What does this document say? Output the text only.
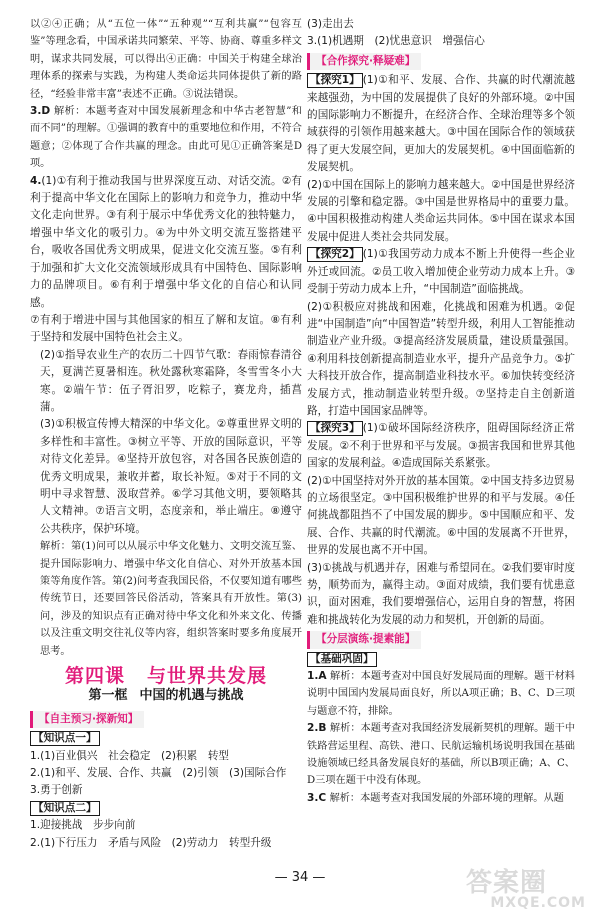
以②④正确；从“五位一体”“五种观”“互利共赢”“包容互鉴”等理念看，中国承诺共同繁荣、平等、协商、尊重多样文明，谋求共同发展，可以得出④正确：中国关于构建全球治理体系的探索与实践，为构建人类命运共同体提供了新的路径，“经验非常丰富”表述不正确。③说法错误。

3.D 解析：本题考查对中国发展新理念和中华古老智慧”和而不同”的理解。①强调的教育中的重要地位和作用，不符合题意；②体现了合作共赢的理念。由此可见①正确答案是D项。

4.(1)①有利于推动我国与世界深度互动、对话交流。②有利于提高中华文化在国际上的影响力和竞争力，推动中华文化走向世界。③有利于展示中华优秀文化的独特魅力，增强中华文化的吸引力。④为中外文明交流互鉴搭建平台，吸收各国优秀文明成果，促进文化交流互鉴。⑤有利于加强和扩大文化交流领域形成具有中国特色、国际影响力的品牌项目。⑥有利于增强中华文化的自信心和认同感。

⑦有利于增进中国与其他国家的相互了解和友谊。⑧有利于坚持和发展中国特色社会主义。

(2)①指导农业生产的农历二十四节气歌：春雨惊春清谷天，夏满芒夏暑相连。秋处露秋寒霜降，冬雪雪冬小大寒。②端午节：伍子胥汨罗，吃粽子，赛龙舟，插菖蒲。

(3)①积极宣传博大精深的中华文化。②尊重世界文明的多样性和丰富性。③树立平等、开放的国际意识，平等对待文化差异。④坚持开放包容，对各国各民族创造的优秀文明成果，兼收并蓄，取长补短。⑤对于不同的文明中寻求智慧、汲取营养。⑥学习其他文明，要领略其人文精神。⑦语言文明，态度亲和，举止端庄。⑧遵守公共秩序，保护环境。

解析：第(1)问可以从展示中华文化魅力、文明交流互鉴、提升国际影响力、增强中华文化自信心、对外开放基本国策等角度作答。第(2)问考查我国民俗，不仅要知道有哪些传统节日，还要回答民俗活动，答案具有开放性。第(3)问，涉及的知识点有正确对待中华文化和外来文化、传播以及注重文明交往礼仪等内容，组织答案时要多角度展开思考。

第四课 与世界共发展
第一框 中国的机遇与挑战
【自主预习·探新知】
【知识点一】

1.(1)百业俱兴　社会稳定　(2)积累　转型

2.(1)和平、发展、合作、共赢　(2)引领　(3)国际合作

3.勇于创新

【知识点二】

1.迎接挑战　步步向前

2.(1)下行压力　矛盾与风险　(2)劳动力　转型升级

(3)走出去

3.(1)机遇期　(2)忧患意识　增强信心

【合作探究·释疑难】

【探究1】 (1)①和平、发展、合作、共赢的时代潮流越来越强劲，为中国的发展提供了良好的外部环境。②中国的国际影响力不断提升，在经济合作、全球治理等多个领域获得的引领作用越来越大。③中国在国际合作的领域获得了更大发展空间，更加大的发展契机。④中国面临新的发展契机。

(2)①中国在国际上的影响力越来越大。②中国是世界经济发展的引擎和稳定器。③中国是世界格局中的重要力量。④中国积极推动构建人类命运共同体。⑤中国在谋求本国发展中促进人类社会共同发展。

【探究2】 (1)①我国劳动力成本不断上升使得一些企业外迁或回流。②员工收入增加使企业劳动力成本上升。③受制于劳动力成本上升，“中国制造”面临挑战。

(2)①积极应对挑战和困难，化挑战和困难为机遇。②促进“中国制造”向“中国智造”转型升级，利用人工智能推动制造业产业升级。③提高经济发展质量，建设质量强国。④利用科技创新提高制造业水平，提升产品竞争力。⑤扩大科技开放合作，提高制造业科技水平。⑥加快转变经济发展方式，推动制造业转型升级。⑦坚持走自主创新道路，打造中国国家品牌等。

【探究3】 (1)①破坏国际经济秩序，阻碍国际经济正常发展。②不利于世界和平与发展。③损害我国和世界其他国家的发展利益。④造成国际关系紧张。

(2)①中国坚持对外开放的基本国策。②中国支持多边贸易的立场很坚定。③中国积极维护世界的和平与发展。④任何挑战都阻挡不了中国发展的脚步。⑤中国顺应和平、发展、合作、共赢的时代潮流。⑥中国的发展离不开世界，世界的发展也离不开中国。

(3)①挑战与机遇并存，困难与希望同在。②我们要审时度势，顺势而为，赢得主动。③面对成绩，我们要有忧患意识，面对困难，我们要增强信心，运用自身的智慧，将困难和挑战转化为发展的动力和契机，开创新的局面。

【分层演练·提素能】
【基础巩固】

1.A 解析：本题考查对中国良好发展局面的理解。题干材料说明中国国内发展局面良好，所以A项正确；B、C、D三项与题意不符，排除。

2.B 解析：本题考查对我国经济发展新契机的理解。题干中铁路营运里程、高铁、港口、民航运输机场说明我国在基础设施领域已经具备发展良好的基础，所以B项正确；A、C、D三项在题干中没有体现。

3.C 解析：本题考查对我国发展的外部环境的理解。从题

— 34 —	答案圈
MXQE.COM
